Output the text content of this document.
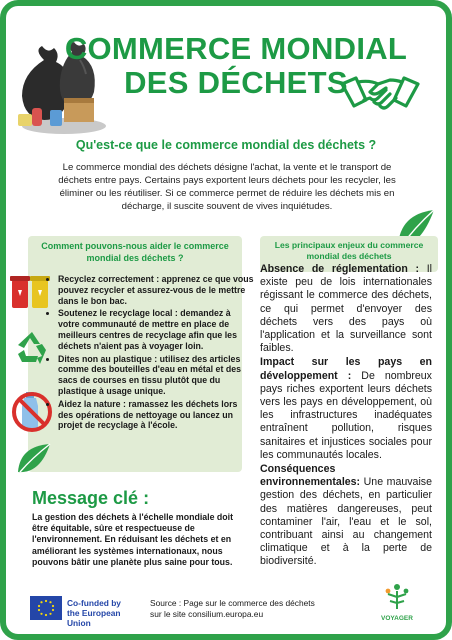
COMMERCE MONDIAL
DES DÉCHETS
Qu'est-ce que le commerce mondial des déchets ?
Le commerce mondial des déchets désigne l'achat, la vente et le transport de déchets entre pays. Certains pays exportent leurs déchets pour les recycler, les éliminer ou les réutiliser. Si ce commerce permet de réduire les déchets mis en décharge, il suscite souvent de vives inquiétudes.
Comment pouvons-nous aider le commerce mondial des déchets ?
• Recyclez correctement : apprenez ce que vous pouvez recycler et assurez-vous de le mettre dans le bon bac.
• Soutenez le recyclage local : demandez à votre communauté de mettre en place de meilleurs centres de recyclage afin que les déchets n'aient pas à voyager loin.
• Dites non au plastique : utilisez des articles comme des bouteilles d'eau en métal et des sacs de courses en tissu plutôt que du plastique à usage unique.
• Aidez la nature : ramassez les déchets lors des opérations de nettoyage ou lancez un projet de recyclage à l'école.
Les principaux enjeux du commerce mondial des déchets

Absence de réglementation : Il existe peu de lois internationales régissant le commerce des déchets, ce qui permet d'envoyer des déchets vers des pays où l'application et la surveillance sont faibles.

Impact sur les pays en développement : De nombreux pays riches exportent leurs déchets vers les pays en développement, où les infrastructures inadéquates entraînent pollution, risques sanitaires et injustices sociales pour les communautés locales.

Conséquences environnementales: Une mauvaise gestion des déchets, en particulier des matières dangereuses, peut contaminer l'air, l'eau et le sol, contribuant ainsi au changement climatique et à la perte de biodiversité.

Message clé :
La gestion des déchets à l'échelle mondiale doit être équitable, sûre et respectueuse de l'environnement. En réduisant les déchets et en améliorant les systèmes internationaux, nous pouvons bâtir une planète plus saine pour tous.
Co-funded by
the European Union
Source : Page sur le commerce des déchets sur le site consilium.europa.eu	VOYAGER
